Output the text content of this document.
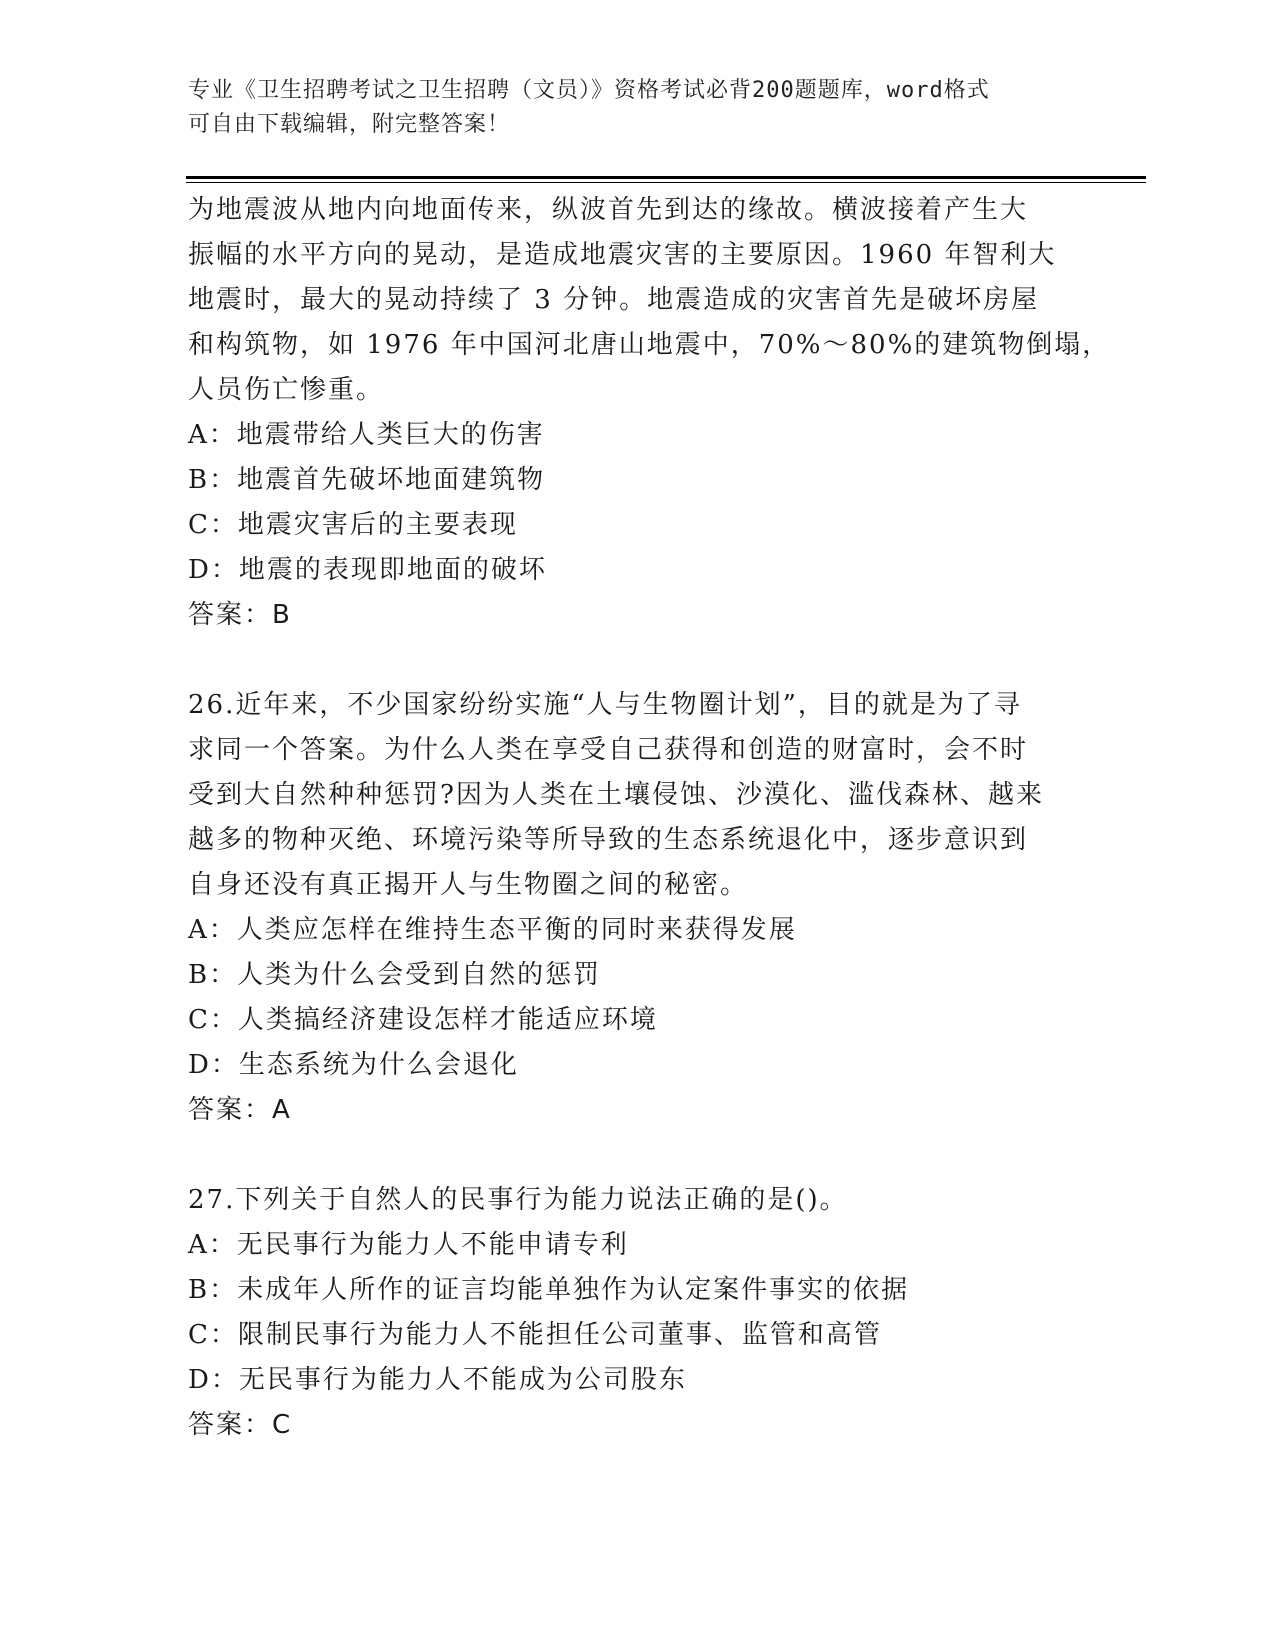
专业《卫生招聘考试之卫生招聘（文员）》资格考试必背200题题库，word格式
可自由下载编辑，附完整答案！

为地震波从地内向地面传来，纵波首先到达的缘故。横波接着产生大
振幅的水平方向的晃动，是造成地震灾害的主要原因。1960 年智利大
地震时，最大的晃动持续了 3 分钟。地震造成的灾害首先是破坏房屋
和构筑物，如 1976 年中国河北唐山地震中，70%～80%的建筑物倒塌，
人员伤亡惨重。

A：地震带给人类巨大的伤害

B：地震首先破坏地面建筑物

C：地震灾害后的主要表现

D：地震的表现即地面的破坏

答案：B

26.近年来，不少国家纷纷实施“人与生物圈计划”，目的就是为了寻
求同一个答案。为什么人类在享受自己获得和创造的财富时，会不时
受到大自然种种惩罚?因为人类在土壤侵蚀、沙漠化、滥伐森林、越来
越多的物种灭绝、环境污染等所导致的生态系统退化中，逐步意识到
自身还没有真正揭开人与生物圈之间的秘密。

A：人类应怎样在维持生态平衡的同时来获得发展

B：人类为什么会受到自然的惩罚

C：人类搞经济建设怎样才能适应环境

D：生态系统为什么会退化

答案：A

27.下列关于自然人的民事行为能力说法正确的是()。

A：无民事行为能力人不能申请专利

B：未成年人所作的证言均能单独作为认定案件事实的依据

C：限制民事行为能力人不能担任公司董事、监管和高管

D：无民事行为能力人不能成为公司股东

答案：C
